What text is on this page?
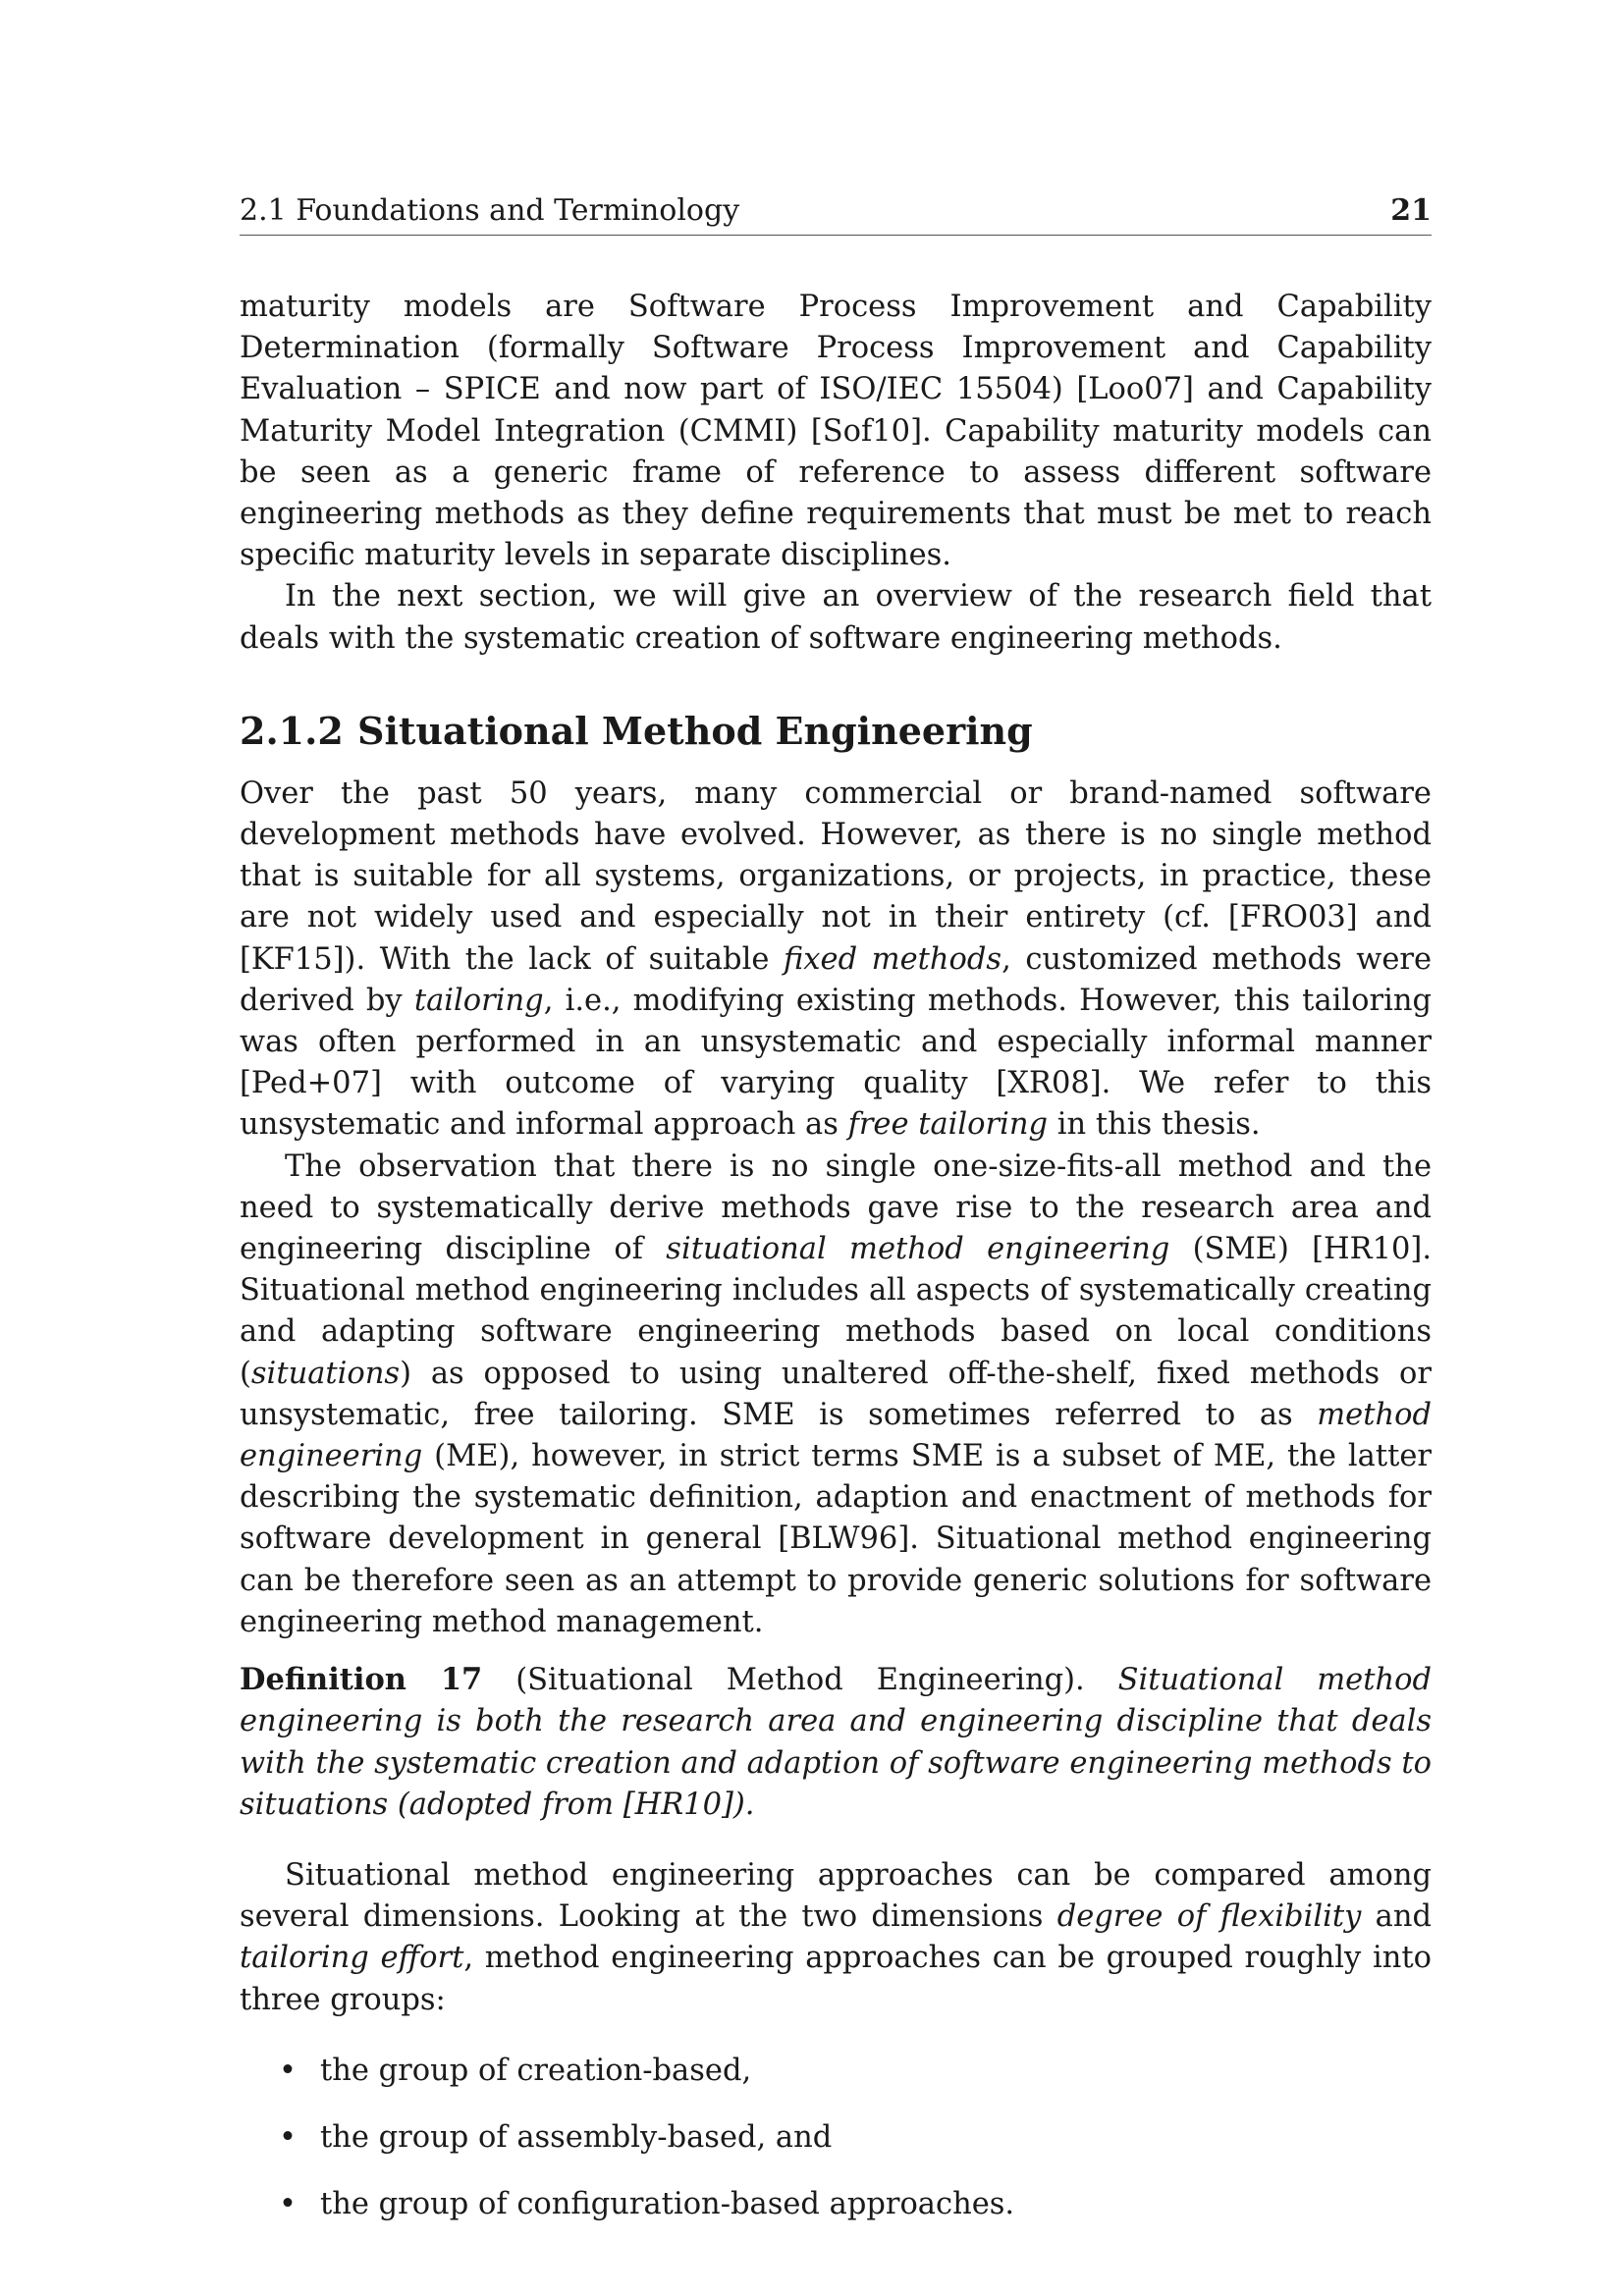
2.1 Foundations and Terminology	21

maturity models are Software Process Improvement and Capability Determination (formally Software Process Improvement and Capability Evaluation – SPICE and now part of ISO/IEC 15504) [Loo07] and Capability Maturity Model Integration (CMMI) [Sof10]. Capability maturity models can be seen as a generic frame of reference to assess different software engineering methods as they define requirements that must be met to reach specific maturity levels in separate disciplines.

In the next section, we will give an overview of the research field that deals with the systematic creation of software engineering methods.

2.1.2 Situational Method Engineering

Over the past 50 years, many commercial or brand-named software development methods have evolved. However, as there is no single method that is suitable for all systems, organizations, or projects, in practice, these are not widely used and especially not in their entirety (cf. [FRO03] and [KF15]). With the lack of suitable fixed methods, customized methods were derived by tailoring, i.e., modifying existing methods. However, this tailoring was often performed in an unsystematic and especially informal manner [Ped+07] with outcome of varying quality [XR08]. We refer to this unsystematic and informal approach as free tailoring in this thesis.

The observation that there is no single one-size-fits-all method and the need to systematically derive methods gave rise to the research area and engineering discipline of situational method engineering (SME) [HR10]. Situational method engineering includes all aspects of systematically creating and adapting software engineering methods based on local conditions (situations) as opposed to using unaltered off-the-shelf, fixed methods or unsystematic, free tailoring. SME is sometimes referred to as method engineering (ME), however, in strict terms SME is a subset of ME, the latter describing the systematic definition, adaption and enactment of methods for software development in general [BLW96]. Situational method engineering can be therefore seen as an attempt to provide generic solutions for software engineering method management.

Definition 17 (Situational Method Engineering). Situational method engineering is both the research area and engineering discipline that deals with the systematic creation and adaption of software engineering methods to situations (adopted from [HR10]).

Situational method engineering approaches can be compared among several dimensions. Looking at the two dimensions degree of flexibility and tailoring effort, method engineering approaches can be grouped roughly into three groups:

• the group of creation-based,
• the group of assembly-based, and
• the group of configuration-based approaches.
